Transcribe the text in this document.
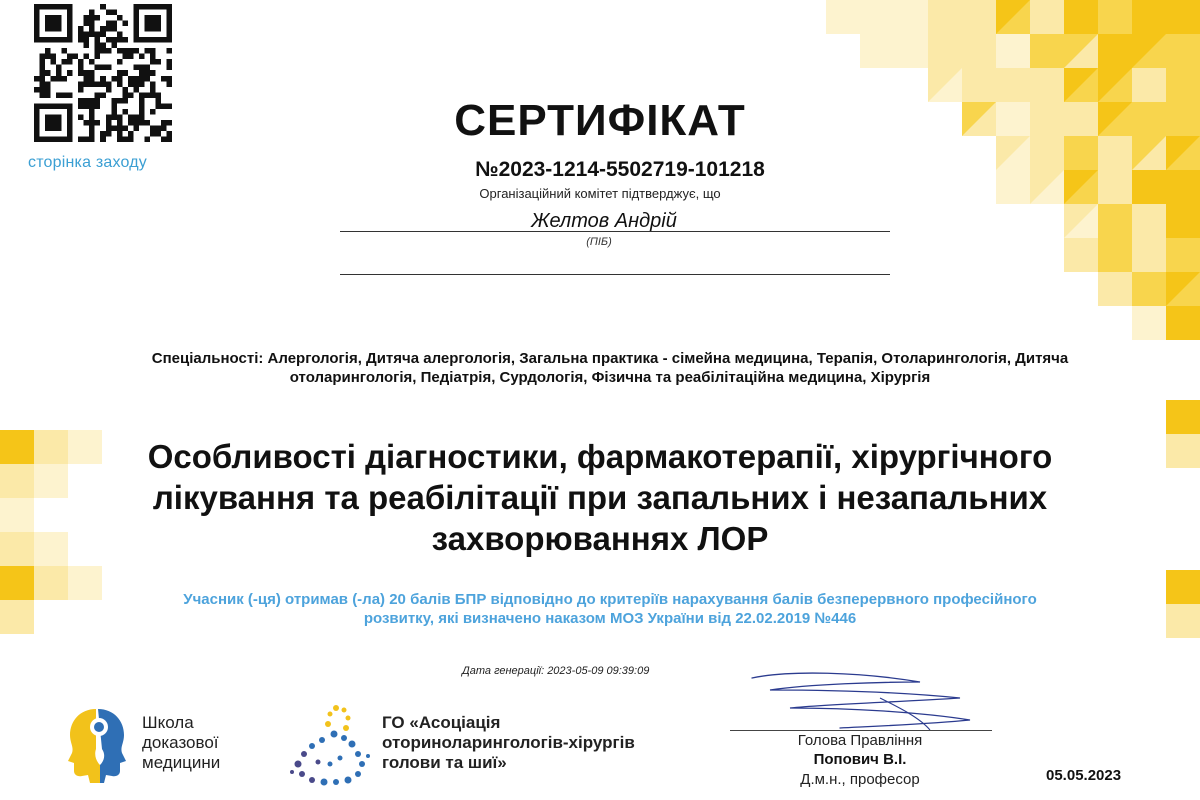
сторінка заходу
СЕРТИФІКАТ
№2023-1214-5502719-101218
Організаційний комітет підтверджує, що
Желтов Андрій
(ПІБ)
Спеціальності: Алергологія, Дитяча алергологія, Загальна практика - сімейна медицина, Терапія, Отоларингологія, Дитяча отоларингологія, Педіатрія, Сурдологія, Фізична та реабілітаційна медицина, Хірургія
Особливості діагностики, фармакотерапії, хірургічного лікування та реабілітації при запальних і незапальних захворюваннях ЛОР
Учасник (-ця) отримав (-ла) 20 балів БПР відповідно до критеріїв нарахування балів безперервного професійного розвитку, які визначено наказом МОЗ України від 22.02.2019 №446
Дата генерації: 2023-05-09 09:39:09
Школа
доказової
медицини
ГО «Асоціація
оториноларингологів-хірургів
голови та шиї»
Голова Правління
Попович В.І.
Д.м.н., професор	05.05.2023
